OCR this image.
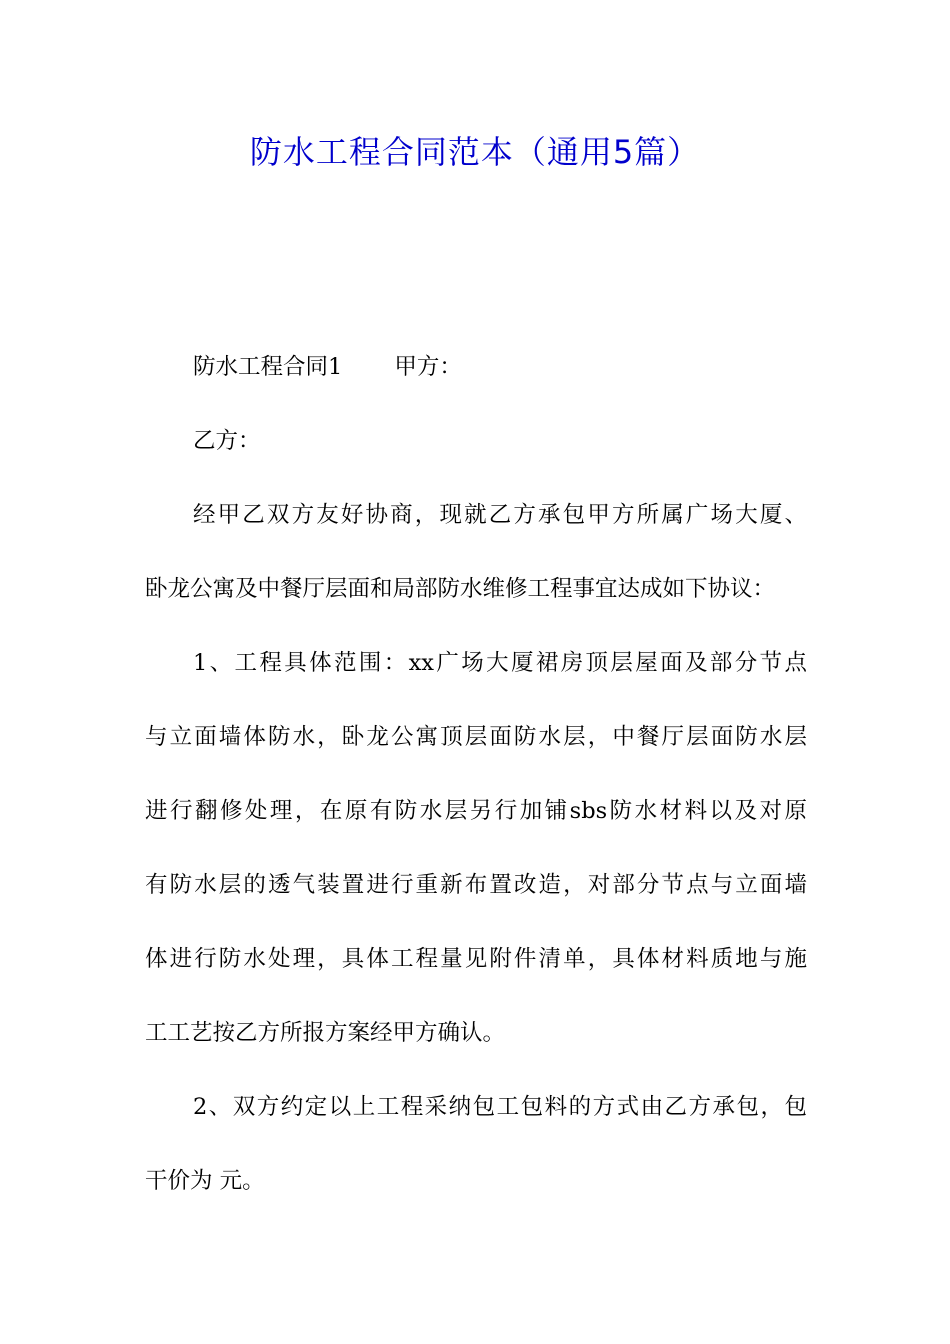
防水工程合同范本（通用5篇）
防水工程合同1 甲方：
乙方：
经甲乙双方友好协商，现就乙方承包甲方所属广场大厦、
卧龙公寓及中餐厅层面和局部防水维修工程事宜达成如下协议：
1、工程具体范围：xx广场大厦裙房顶层屋面及部分节点
与立面墙体防水，卧龙公寓顶层面防水层，中餐厅层面防水层
进行翻修处理，在原有防水层另行加铺sbs防水材料以及对原
有防水层的透气装置进行重新布置改造，对部分节点与立面墙
体进行防水处理，具体工程量见附件清单，具体材料质地与施
工工艺按乙方所报方案经甲方确认。
2、双方约定以上工程采纳包工包料的方式由乙方承包，包
干价为 元。
